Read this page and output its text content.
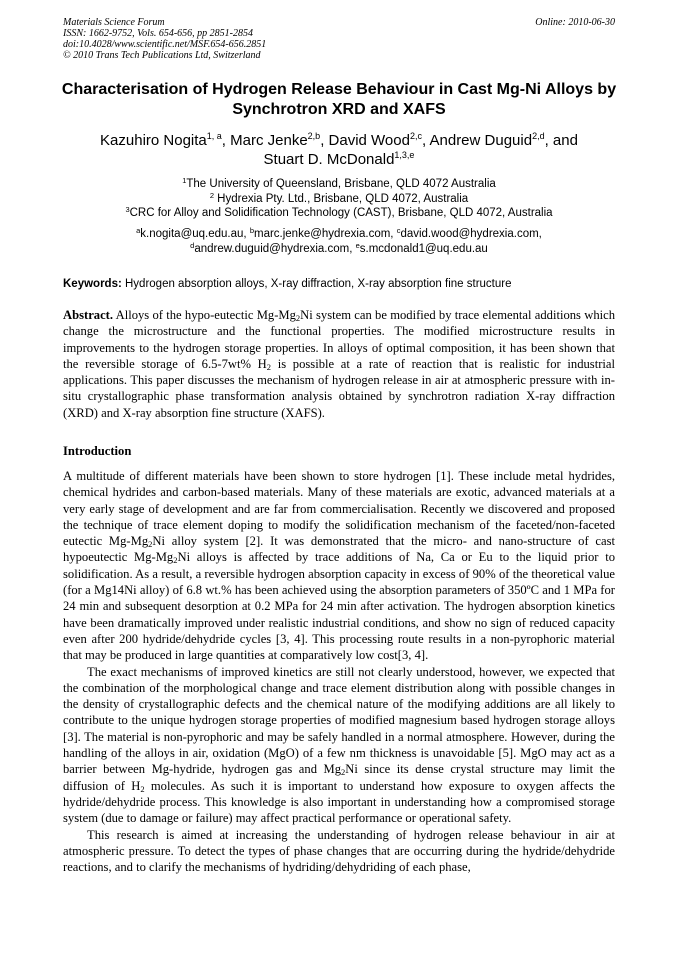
Materials Science Forum
ISSN: 1662-9752, Vols. 654-656, pp 2851-2854
doi:10.4028/www.scientific.net/MSF.654-656.2851
© 2010 Trans Tech Publications Ltd, Switzerland
Online: 2010-06-30
Characterisation of Hydrogen Release Behaviour in Cast Mg-Ni Alloys by Synchrotron XRD and XAFS
Kazuhiro Nogita$^{1, a}$, Marc Jenke$^{2,b}$, David Wood$^{2,c}$, Andrew Duguid$^{2,d}$, and
Stuart D. McDonald$^{1,3,e}$
$^1$The University of Queensland, Brisbane, QLD 4072 Australia
$^2$ Hydrexia Pty. Ltd., Brisbane, QLD 4072, Australia
$^3$CRC for Alloy and Solidification Technology (CAST), Brisbane, QLD 4072, Australia
$^a$k.nogita@uq.edu.au, $^b$marc.jenke@hydrexia.com, $^c$david.wood@hydrexia.com,
$^d$andrew.duguid@hydrexia.com, $^e$s.mcdonald1@uq.edu.au
Keywords: Hydrogen absorption alloys, X-ray diffraction, X-ray absorption fine structure

Abstract. Alloys of the hypo-eutectic $Mg-Mg_2Ni$ system can be modified by trace elemental additions which change the microstructure and the functional properties. The modified microstructure results in improvements to the hydrogen storage properties. In alloys of optimal composition, it has been shown that the reversible storage of 6.5-7wt% $H_2$ is possible at a rate of reaction that is realistic for industrial applications. This paper discusses the mechanism of hydrogen release in air at atmospheric pressure with in-situ crystallographic phase transformation analysis obtained by synchrotron radiation X-ray diffraction (XRD) and X-ray absorption fine structure (XAFS).

Introduction

A multitude of different materials have been shown to store hydrogen [1]. These include metal hydrides, chemical hydrides and carbon-based materials. Many of these materials are exotic, advanced materials at a very early stage of development and are far from commercialisation. Recently we discovered and proposed the technique of trace element doping to modify the solidification mechanism of the faceted/non-faceted eutectic $Mg-Mg_2Ni$ alloy system [2]. It was demonstrated that the micro- and nano-structure of cast hypoeutectic $Mg-Mg_2Ni$ alloys is affected by trace additions of Na, Ca or Eu to the liquid prior to solidification. As a result, a reversible hydrogen absorption capacity in excess of 90% of the theoretical value (for a Mg14Ni alloy) of 6.8 wt.% has been achieved using the absorption parameters of 350ºC and 1 MPa for 24 min and subsequent desorption at 0.2 MPa for 24 min after activation. The hydrogen absorption kinetics have been dramatically improved under realistic industrial conditions, and show no sign of reduced capacity even after 200 hydride/dehydride cycles [3, 4]. This processing route results in a non-pyrophoric material that may be produced in large quantities at comparatively low cost[3, 4].

The exact mechanisms of improved kinetics are still not clearly understood, however, we expected that the combination of the morphological change and trace element distribution along with possible changes in the density of crystallographic defects and the chemical nature of the modifying additions are all likely to contribute to the unique hydrogen storage properties of modified magnesium based hydrogen storage alloys [3]. The material is non-pyrophoric and may be safely handled in a normal atmosphere. However, during the handling of the alloys in air, oxidation (MgO) of a few nm thickness is unavoidable [5]. MgO may act as a barrier between Mg-hydride, hydrogen gas and $Mg_2Ni$ since its dense crystal structure may limit the diffusion of $H_2$ molecules. As such it is important to understand how exposure to oxygen affects the hydride/dehydride process. This knowledge is also important in understanding how a compromised storage system (due to damage or failure) may affect practical performance or operational safety.

This research is aimed at increasing the understanding of hydrogen release behaviour in air at atmospheric pressure. To detect the types of phase changes that are occurring during the hydride/dehydride reactions, and to clarify the mechanisms of hydriding/dehydriding of each phase,
